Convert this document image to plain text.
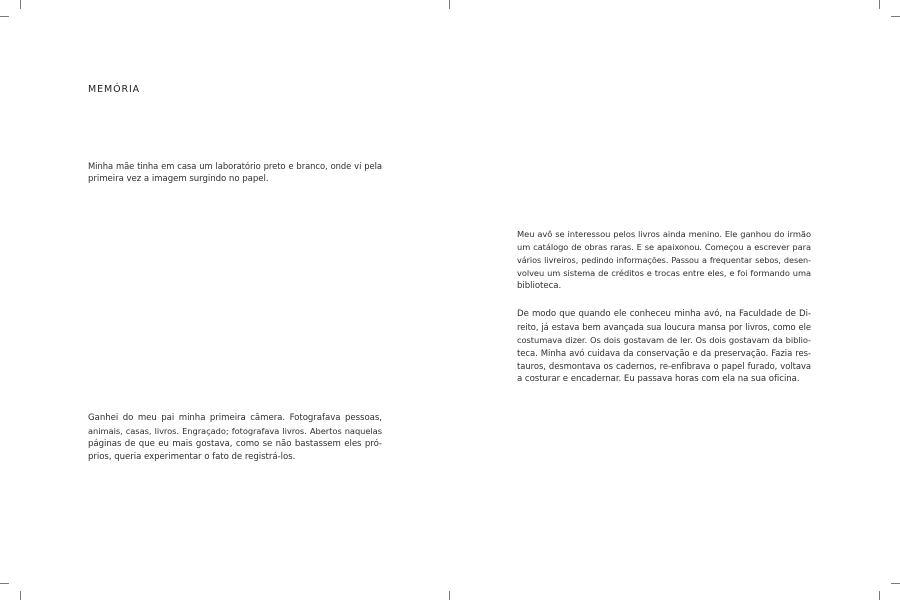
MEMÓRIA

Minha mãe tinha em casa um laboratório preto e branco, onde vi pela
primeira vez a imagem surgindo no papel.

Ganhei do meu pai minha primeira câmera. Fotografava pessoas,
animais, casas, livros. Engraçado; fotografava livros. Abertos naquelas
páginas de que eu mais gostava, como se não bastassem eles pró-
prios, queria experimentar o fato de registrá-los.

Meu avô se interessou pelos livros ainda menino. Ele ganhou do irmão
um catálogo de obras raras. E se apaixonou. Começou a escrever para
vários livreiros, pedindo informações. Passou a frequentar sebos, desen-
volveu um sistema de créditos e trocas entre eles, e foi formando uma
biblioteca.

De modo que quando ele conheceu minha avó, na Faculdade de Di-
reito, já estava bem avançada sua loucura mansa por livros, como ele
costumava dizer. Os dois gostavam de ler. Os dois gostavam da biblio-
teca. Minha avó cuidava da conservação e da preservação. Fazia res-
tauros, desmontava os cadernos, re-enfibrava o papel furado, voltava
a costurar e encadernar. Eu passava horas com ela na sua oficina.
